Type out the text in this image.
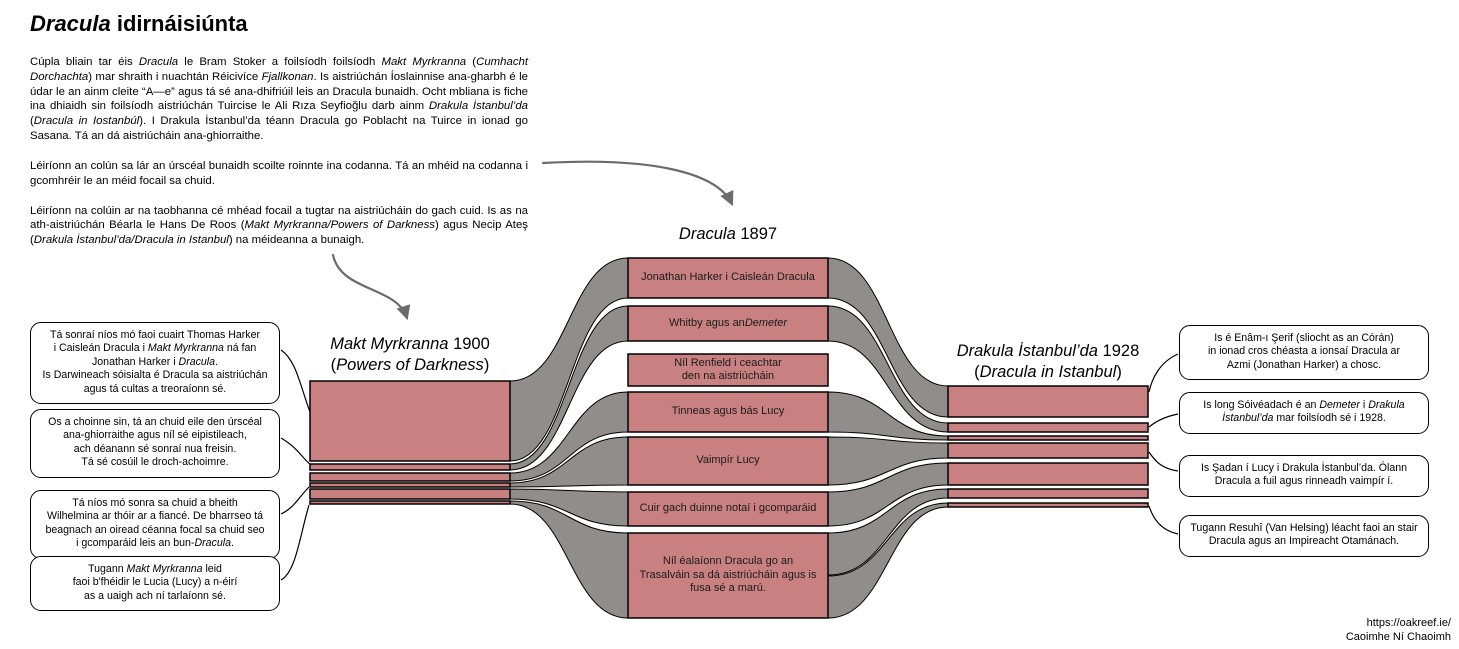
Dracula idirnáisiúnta

Cúpla bliain tar éis Dracula le Bram Stoker a foilsíodh foilsíodh Makt Myrkranna (Cumhacht Dorchachta) mar shraith i nuachtán Réicivíce Fjallkonan. Is aistriúchán Íoslainnise ana-gharbh é le údar le an ainm cleite “A—e” agus tá sé ana-dhifriúil leis an Dracula bunaidh. Ocht mbliana is fiche ina dhiaidh sin foilsíodh aistriúchán Tuircise le Ali Rıza Seyfioğlu darb ainm Drakula İstanbul’da (Dracula in Iostanbúl). I Drakula İstanbul’da téann Dracula go Poblacht na Tuirce in ionad go Sasana. Tá an dá aistriúcháin ana-ghiorraithe.

Léiríonn an colún sa lár an úrscéal bunaidh scoilte roinnte ina codanna. Tá an mhéid na codanna i gcomhréir le an méid focail sa chuid.

Léiríonn na colúin ar na taobhanna cé mhéad focail a tugtar na aistriúcháin do gach cuid. Is as na ath-aistriúchán Béarla le Hans De Roos (Makt Myrkranna/Powers of Darkness) agus Necip Ateş (Drakula İstanbul’da/Dracula in Istanbul) na méideanna a bunaigh.

Makt Myrkranna 1900
(Powers of Darkness)
Dracula 1897
Drakula İstanbul’da 1928
(Dracula in Istanbul)
Jonathan Harker i Caisleán Dracula
Whitby agus an Demeter
Níl Renfield i ceachtar
den na aistriúcháin
Tinneas agus bás Lucy
Vaimpír Lucy
Cuir gach duinne notaí i gcomparáid
Níl éalaíonn Dracula go an
Trasalváin sa dá aistriúcháin agus is
fusa sé a marú.
Tá sonraí níos mó faoi cuairt Thomas Harker
i Caisleán Dracula i Makt Myrkranna ná fan
Jonathan Harker i Dracula.
Is Darwineach sóisialta é Dracula sa aistriúchán
agus tá cultas a treoraíonn sé.
Os a choinne sin, tá an chuid eile den úrscéal
ana-ghiorraithe agus níl sé eipistileach,
ach déanann sé sonraí nua freisin.
Tá sé cosúil le droch-achoimre.
Tá níos mó sonra sa chuid a bheith
Wilhelmina ar thóir ar a fiancé. De bharrseo tá
beagnach an oiread céanna focal sa chuid seo
i gcomparáid leis an bun-Dracula.
Tugann Makt Myrkranna leid
faoi b'fhéidir le Lucia (Lucy) a n-éirí
as a uaigh ach ní tarlaíonn sé.
Is é Enâm-ı Şerif (sliocht as an Córán)
in ionad cros chéasta a ionsaí Dracula ar
Azmi (Jonathan Harker) a chosc.
Is long Sóivéadach é an Demeter i Drakula
İstanbul’da mar foilsíodh sé i 1928.
Is Şadan í Lucy i Drakula İstanbul’da. Ólann
Dracula a fuil agus rinneadh vaimpír í.
Tugann Resuhî (Van Helsing) léacht faoi an stair
Dracula agus an Impireacht Otamánach.
https://oakreef.ie/
Caoimhe Ní Chaoimh
